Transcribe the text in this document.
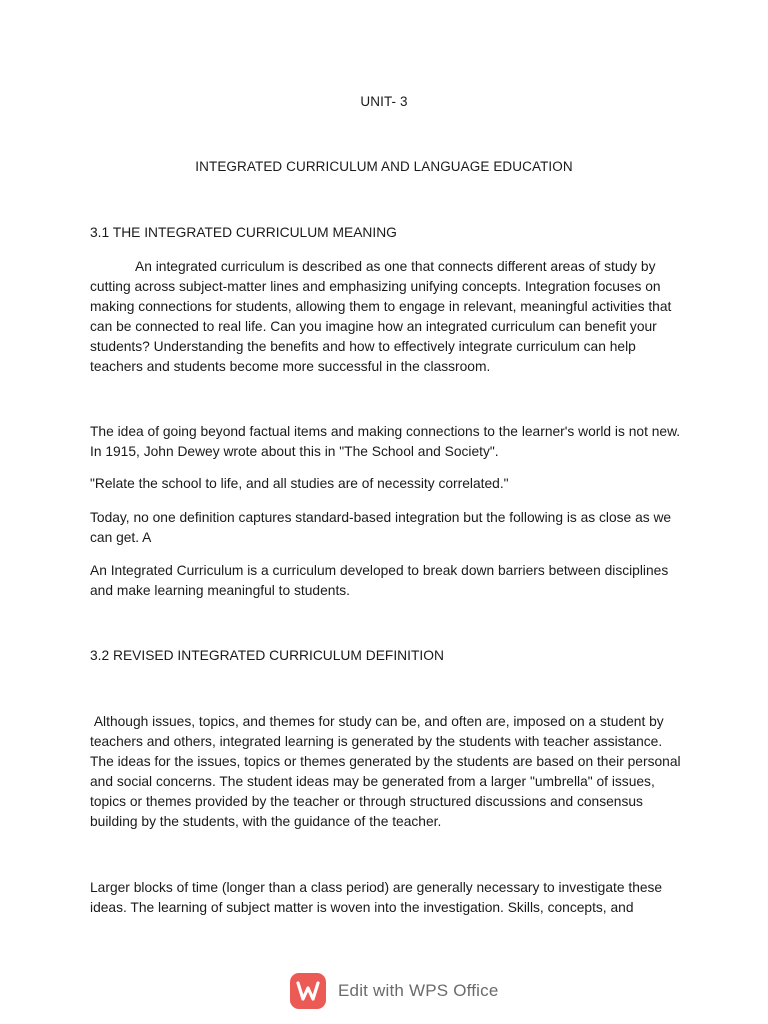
UNIT- 3

INTEGRATED CURRICULUM AND LANGUAGE EDUCATION

3.1 THE INTEGRATED CURRICULUM MEANING

An integrated curriculum is described as one that connects different areas of study by cutting across subject-matter lines and emphasizing unifying concepts. Integration focuses on making connections for students, allowing them to engage in relevant, meaningful activities that can be connected to real life. Can you imagine how an integrated curriculum can benefit your students? Understanding the benefits and how to effectively integrate curriculum can help teachers and students become more successful in the classroom.

The idea of going beyond factual items and making connections to the learner's world is not new. In 1915, John Dewey wrote about this in "The School and Society".

"Relate the school to life, and all studies are of necessity correlated."

Today, no one definition captures standard-based integration but the following is as close as we can get. A

An Integrated Curriculum is a curriculum developed to break down barriers between disciplines and make learning meaningful to students.

3.2 REVISED INTEGRATED CURRICULUM DEFINITION

Although issues, topics, and themes for study can be, and often are, imposed on a student by teachers and others, integrated learning is generated by the students with teacher assistance. The ideas for the issues, topics or themes generated by the students are based on their personal and social concerns. The student ideas may be generated from a larger "umbrella" of issues, topics or themes provided by the teacher or through structured discussions and consensus building by the students, with the guidance of the teacher.

Larger blocks of time (longer than a class period) are generally necessary to investigate these ideas. The learning of subject matter is woven into the investigation. Skills, concepts, and

Edit with WPS Office
